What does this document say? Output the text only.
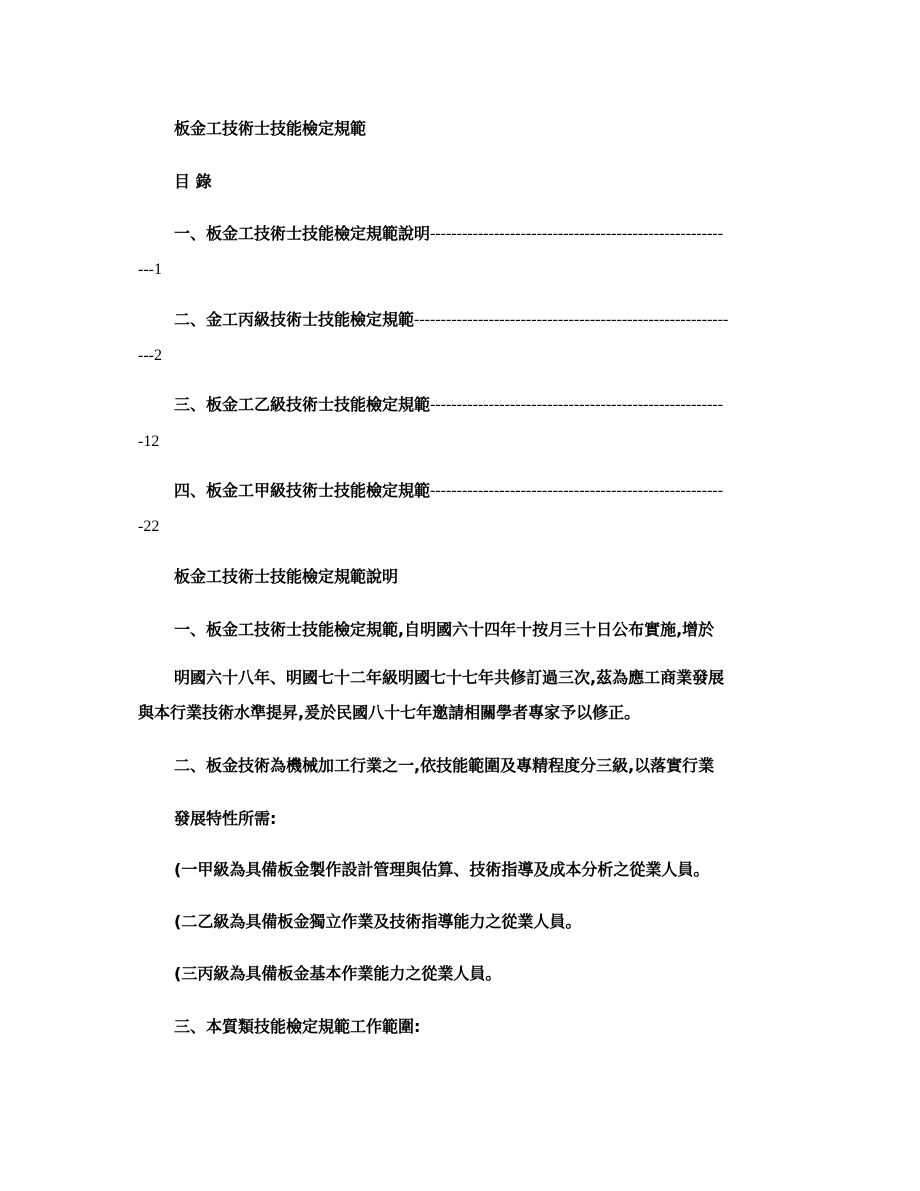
板金工技術士技能檢定規範
目 錄
一、板金工技術士技能檢定規範說明 -------------------------------------------------------
---1
二、金工丙級技術士技能檢定規範 -----------------------------------------------------------
---2
三、板金工乙級技術士技能檢定規範 -------------------------------------------------------
-12
四、板金工甲級技術士技能檢定規範 -------------------------------------------------------
-22
板金工技術士技能檢定規範說明
一、板金工技術士技能檢定規範,自明國六十四年十按月三十日公布實施,增於
明國六十八年、明國七十二年級明國七十七年共修訂過三次,茲為應工商業發展
與本行業技術水準提昇,爰於民國八十七年邀請相關學者專家予以修正。
二、板金技術為機械加工行業之一,依技能範圍及專精程度分三級,以落實行業
發展特性所需:
(一甲級為具備板金製作設計管理與估算、技術指導及成本分析之從業人員。
(二乙級為具備板金獨立作業及技術指導能力之從業人員。
(三丙級為具備板金基本作業能力之從業人員。
三、本質類技能檢定規範工作範圍:
